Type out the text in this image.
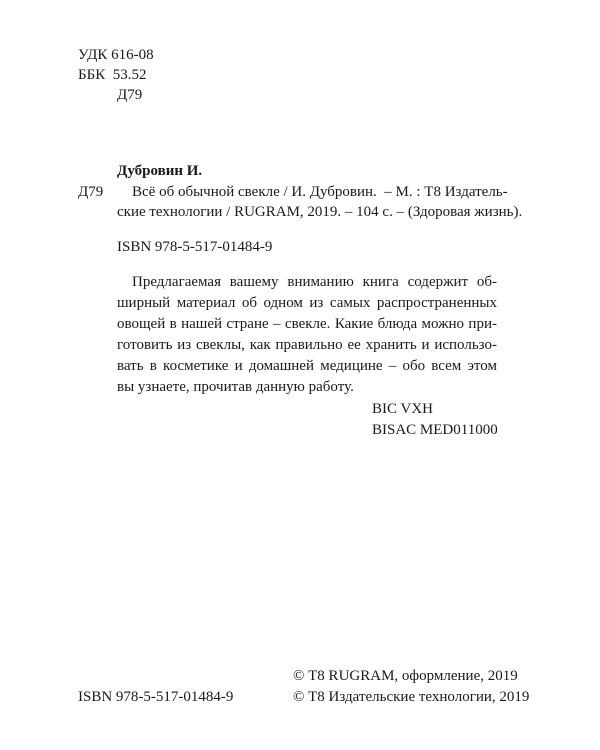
УДК 616-08
ББК  53.52
Д79
Дубровин И.
Д79 Всё об обычной свекле / И. Дубровин.  – М. : Т8 Издатель-
ские технологии / RUGRAM, 2019. – 104 с. – (Здоровая жизнь).
ISBN 978-5-517-01484-9
Предлагаемая вашему вниманию книга содержит об-
ширный материал об одном из самых распространенных
овощей в нашей стране – свекле. Какие блюда можно при-
готовить из свеклы, как правильно ее хранить и использо-
вать в косметике и домашней медицине – обо всем этом
вы узнаете, прочитав данную работу.
BIC VXH
BISAC MED011000
ISBN 978-5-517-01484-9
© Т8 RUGRAM, оформление, 2019
© Т8 Издательские технологии, 2019
